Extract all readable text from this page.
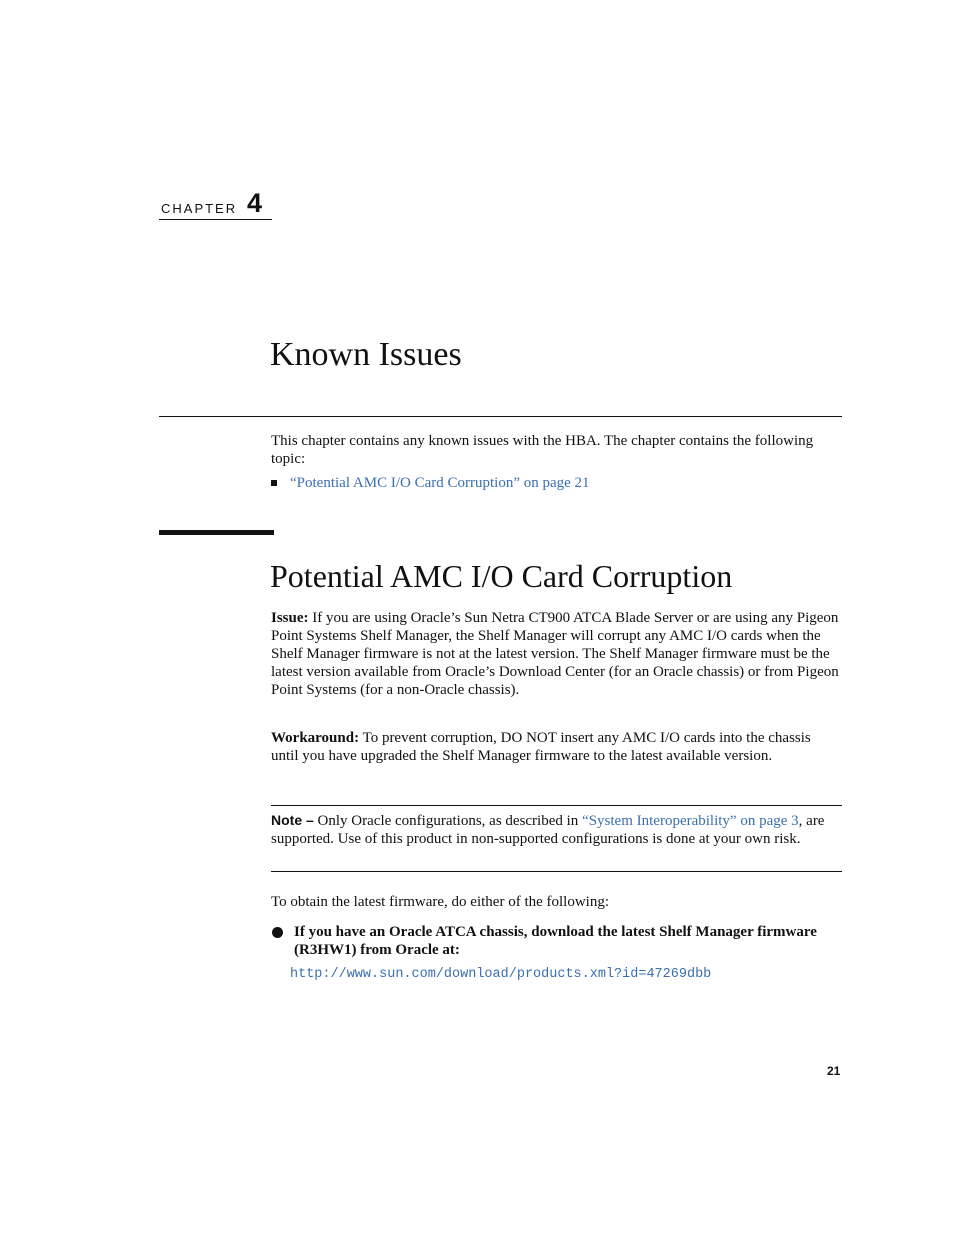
CHAPTER 4
Known Issues

This chapter contains any known issues with the HBA. The chapter contains the following topic:

“Potential AMC I/O Card Corruption” on page 21
Potential AMC I/O Card Corruption

Issue: If you are using Oracle’s Sun Netra CT900 ATCA Blade Server or are using any Pigeon Point Systems Shelf Manager, the Shelf Manager will corrupt any AMC I/O cards when the Shelf Manager firmware is not at the latest version. The Shelf Manager firmware must be the latest version available from Oracle’s Download Center (for an Oracle chassis) or from Pigeon Point Systems (for a non-Oracle chassis).

Workaround: To prevent corruption, DO NOT insert any AMC I/O cards into the chassis until you have upgraded the Shelf Manager firmware to the latest available version.

Note – Only Oracle configurations, as described in “System Interoperability” on page 3, are supported. Use of this product in non-supported configurations is done at your own risk.

To obtain the latest firmware, do either of the following:

If you have an Oracle ATCA chassis, download the latest Shelf Manager firmware (R3HW1) from Oracle at:
http://www.sun.com/download/products.xml?id=47269dbb
21
